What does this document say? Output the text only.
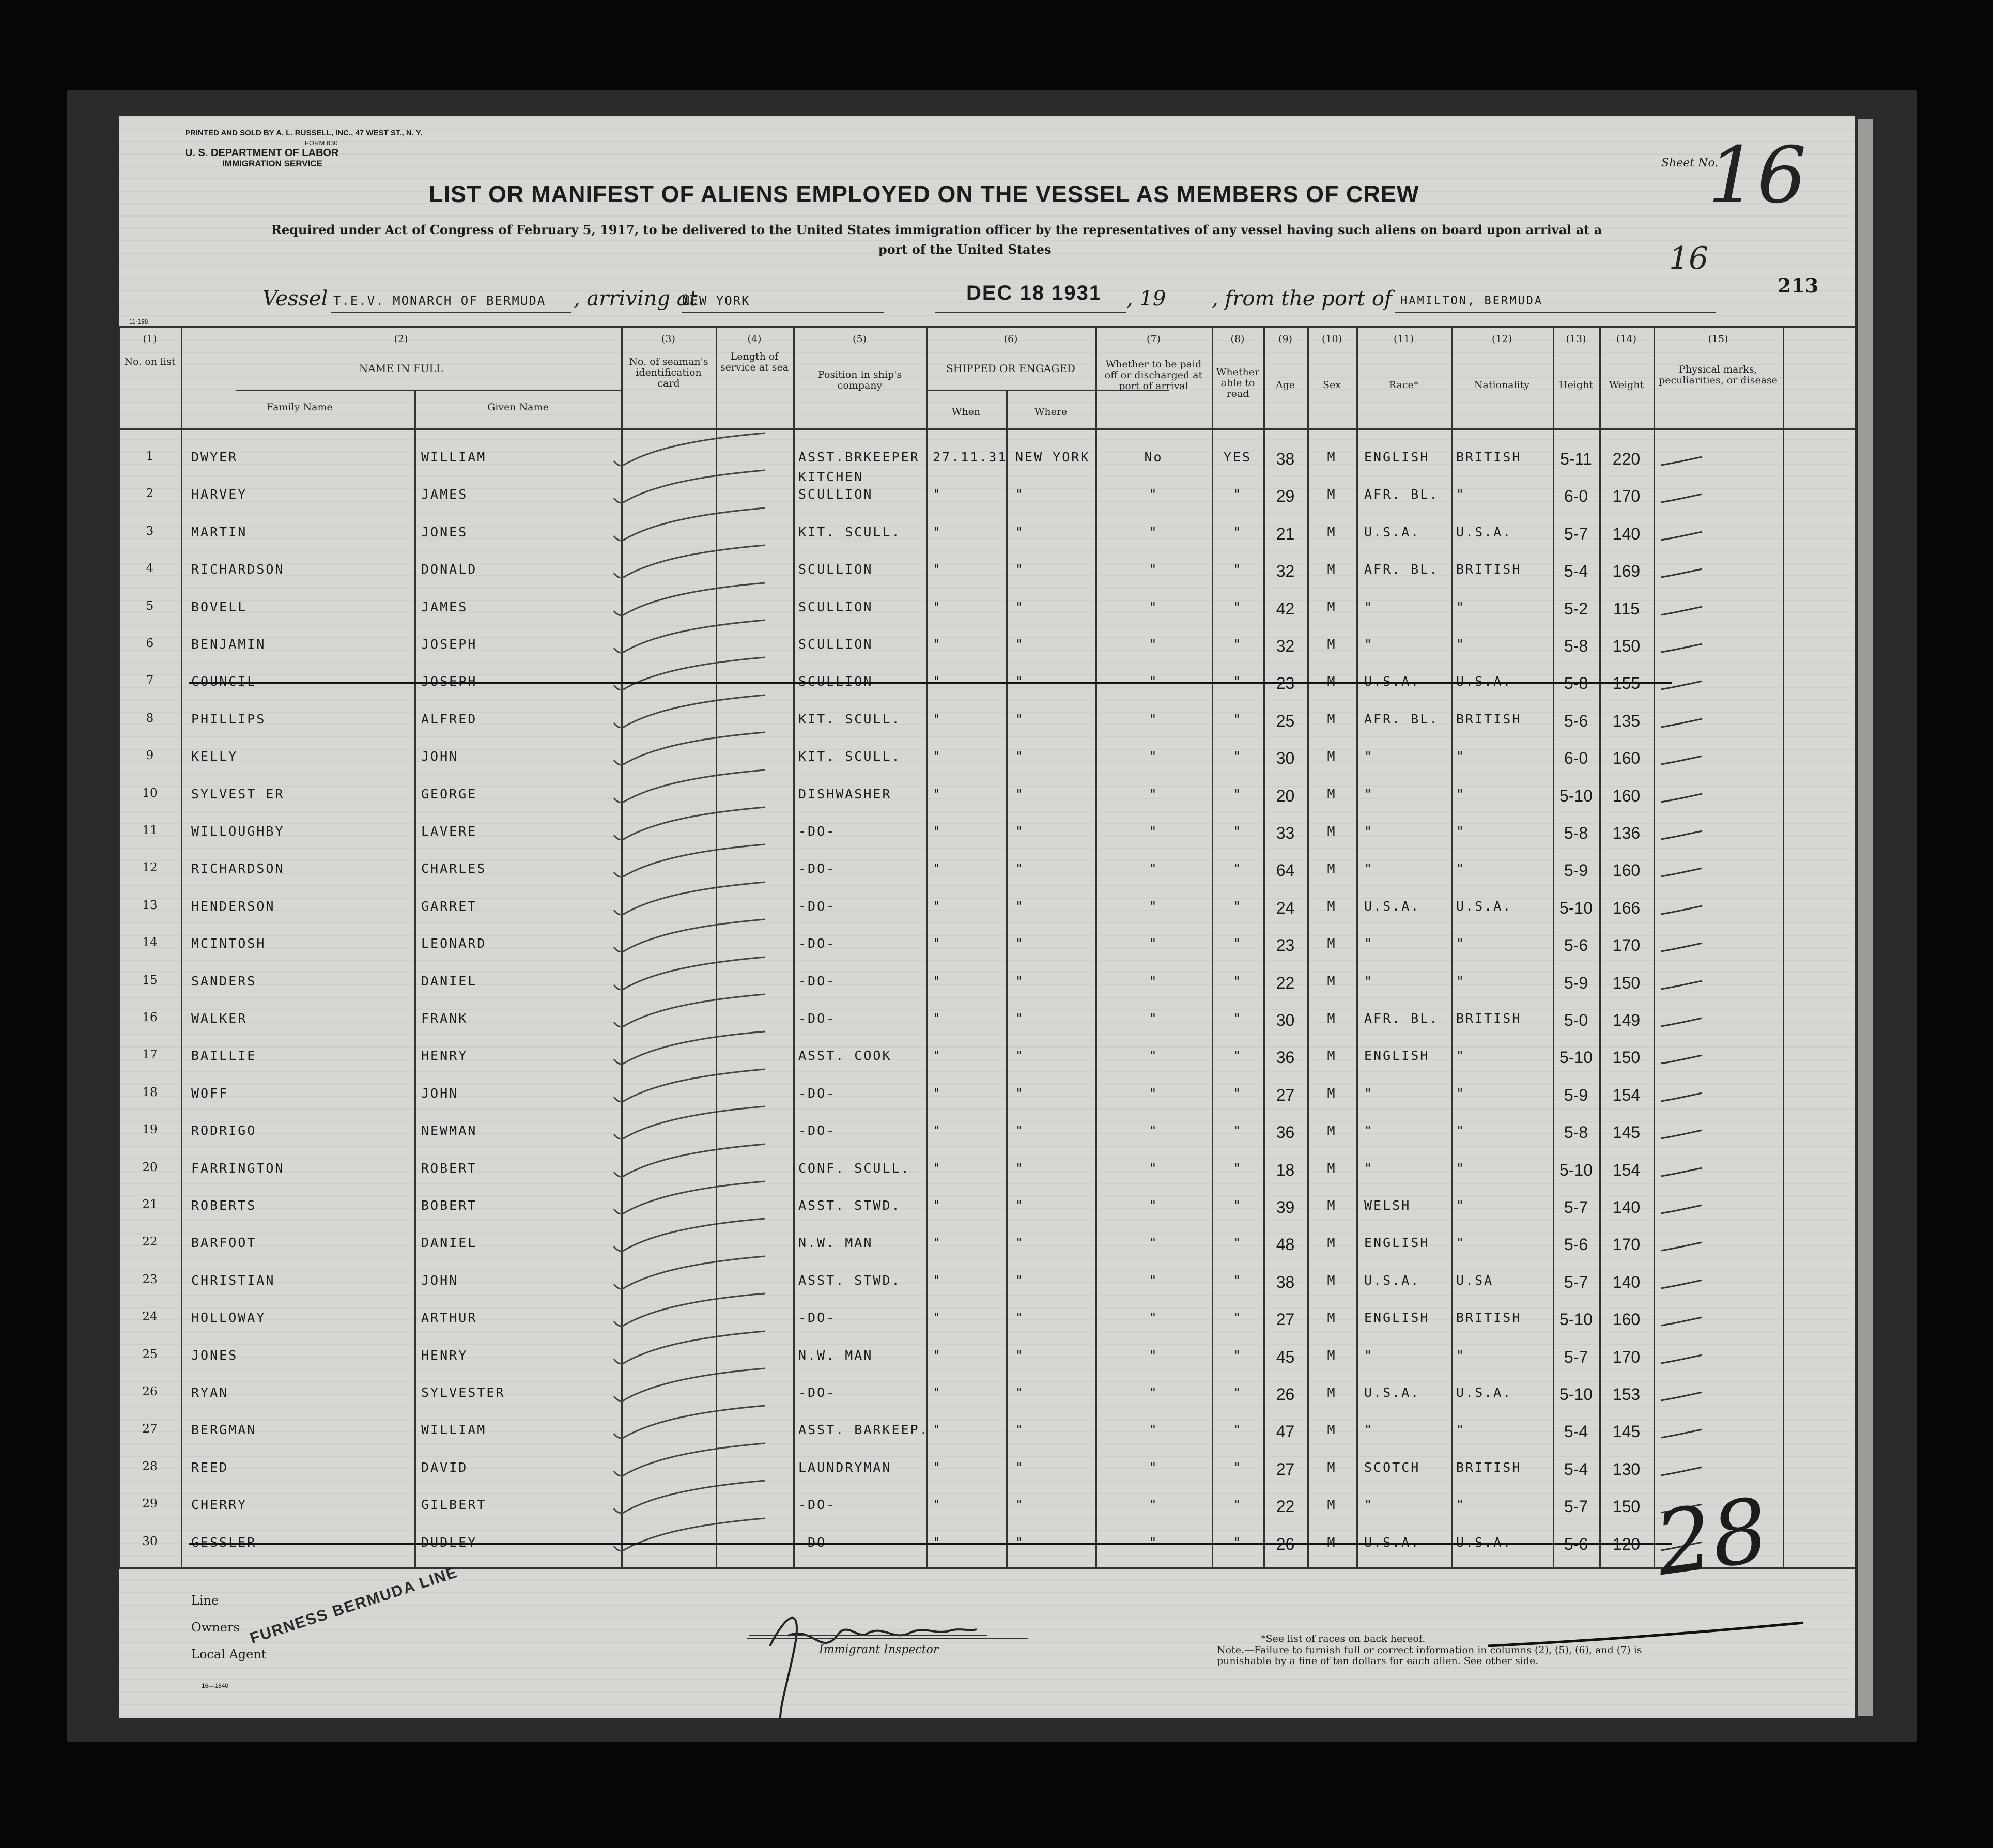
PRINTED AND SOLD BY A. L. RUSSELL, INC., 47 WEST ST., N. Y.
FORM 630
U. S. DEPARTMENT OF LABOR
IMMIGRATION SERVICE	Sheet No.
16
16
213
LIST OR MANIFEST OF ALIENS EMPLOYED ON THE VESSEL AS MEMBERS OF CREW
Required under Act of Congress of February 5, 1917, to be delivered to the United States immigration officer by the representatives of any vessel having such aliens on board upon arrival at a
port of the United States
Vessel T.E.V. MONARCH OF BERMUDA , arriving at
NEW YORK	DEC 18 1931 , 19 , from the port of HAMILTON, BERMUDA
11-198
(1)	(2)	(3)	(4)	(5)	(6)	(7)	(8)	(9)	(10)	(11)	(12)	(13)	(14)	(15)
No. on list
NAME IN FULL
Family Name	Given Name
No. of seaman's identification card
Length of service at sea
Position in ship's company
SHIPPED OR ENGAGED
When	Where
Whether to be paid off or discharged at port of arrival
Whether able to read
Age	Sex	Race*	Nationality	Height	Weight
Physical marks, peculiarities, or disease
1	DWYER	WILLIAM	ASST.BRKEEPER	27.11.31 NEW YORK	No	YES	38	M	ENGLISH	BRITISH	5-11	220
2	HARVEY	JAMES	SCULLION	"	"	"	"	29	M	AFR. BL.	"	6-0	170
KITCHEN
3	MARTIN	JONES	KIT. SCULL.	"	"	"	"	21	M	U.S.A.	U.S.A.	5-7	140
4	RICHARDSON	DONALD	SCULLION	"	"	"	"	32	M	AFR. BL.	BRITISH	5-4	169
5	BOVELL	JAMES	SCULLION	"	"	"	"	42	M	"	"	5-2	115
6	BENJAMIN	JOSEPH	SCULLION	"	"	"	"	32	M	"	"	5-8	150
7	COUNCIL	JOSEPH	SCULLION	"	"	"	"	23	M	U.S.A.	U.S.A.	5-8	155
8	PHILLIPS	ALFRED	KIT. SCULL.	"	"	"	"	25	M	AFR. BL.	BRITISH	5-6	135
9	KELLY	JOHN	KIT. SCULL.	"	"	"	"	30	M	"	"	6-0	160
10	SYLVEST ER	GEORGE	DISHWASHER	"	"	"	"	20	M	"	"	5-10	160
11	WILLOUGHBY	LAVERE	-DO-	"	"	"	"	33	M	"	"	5-8	136
12	RICHARDSON	CHARLES	-DO-	"	"	"	"	64	M	"	"	5-9	160
13	HENDERSON	GARRET	-DO-	"	"	"	"	24	M	U.S.A.	U.S.A.	5-10	166
14	MCINTOSH	LEONARD	-DO-	"	"	"	"	23	M	"	"	5-6	170
15	SANDERS	DANIEL	-DO-	"	"	"	"	22	M	"	"	5-9	150
16	WALKER	FRANK	-DO-	"	"	"	"	30	M	AFR. BL.	BRITISH	5-0	149
17	BAILLIE	HENRY	ASST. COOK	"	"	"	"	36	M	ENGLISH	"	5-10	150
18	WOFF	JOHN	-DO-	"	"	"	"	27	M	"	"	5-9	154
19	RODRIGO	NEWMAN	-DO-	"	"	"	"	36	M	"	"	5-8	145
20	FARRINGTON	ROBERT	CONF. SCULL.	"	"	"	"	18	M	"	"	5-10	154
21	ROBERTS	BOBERT	ASST. STWD.	"	"	"	"	39	M	WELSH	"	5-7	140
22	BARFOOT	DANIEL	N.W. MAN	"	"	"	"	48	M	ENGLISH	"	5-6	170
23	CHRISTIAN	JOHN	ASST. STWD.	"	"	"	"	38	M	U.S.A.	U.SA	5-7	140
24	HOLLOWAY	ARTHUR	-DO-	"	"	"	"	27	M	ENGLISH	BRITISH	5-10	160
25	JONES	HENRY	N.W. MAN	"	"	"	"	45	M	"	"	5-7	170
26	RYAN	SYLVESTER	-DO-	"	"	"	"	26	M	U.S.A.	U.S.A.	5-10	153
27	BERGMAN	WILLIAM	ASST. BARKEEP. "	"	"	"	47	M	"	"	5-4	145
28	REED	DAVID	LAUNDRYMAN	"	"	"	"	27	M	SCOTCH	BRITISH	5-4	130
29	CHERRY	GILBERT	-DO-	"	"	"	"	22	M	"	"	5-7	150
30	GESSLER	DUDLEY	-DO-	"	"	"	"	26	M	U.S.A.	U.S.A.	5-6	120 28
Line
Owners
Local Agent
FURNESS BERMUDA LINE
16—1840
Immigrant Inspector
*See list of races on back hereof.
Note.—Failure to furnish full or correct information in columns (2), (5), (6), and (7) is punishable by a fine of ten dollars for each alien. See other side.
